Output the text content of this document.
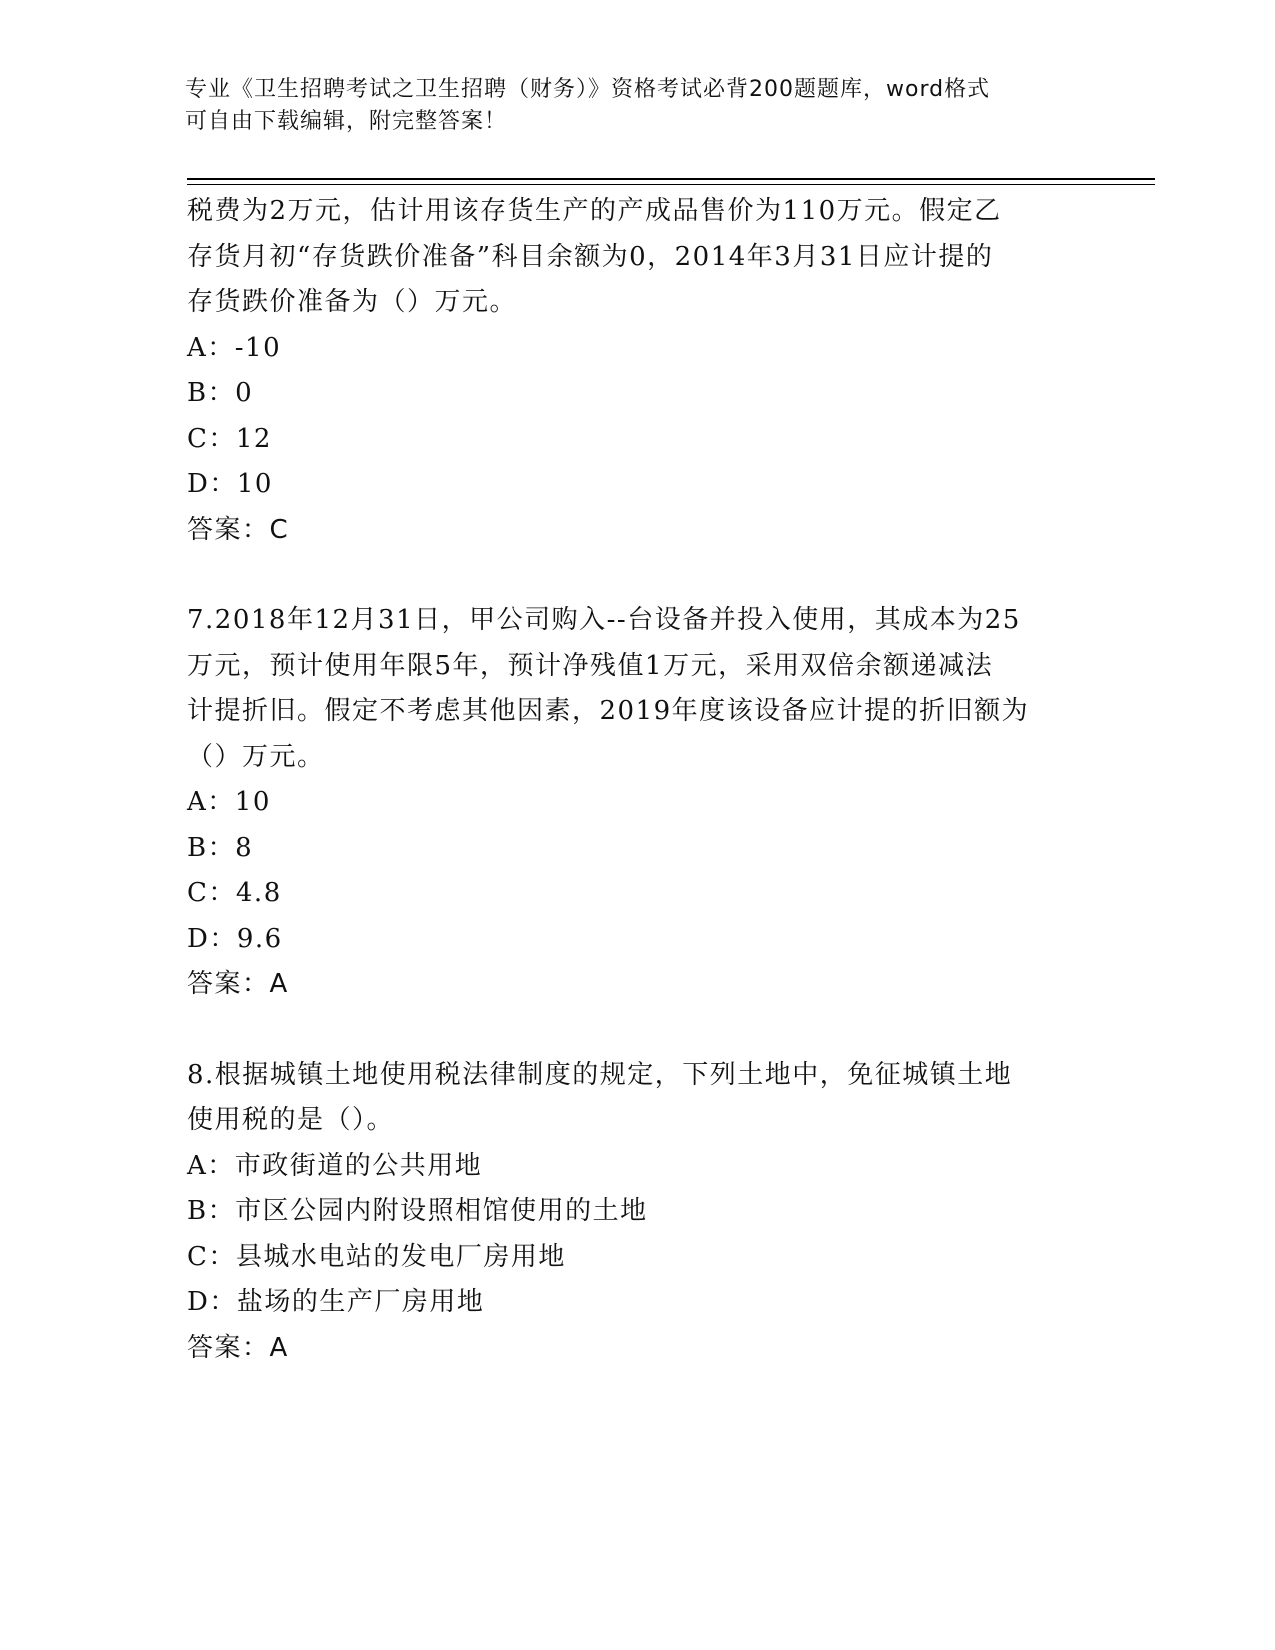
专业《卫生招聘考试之卫生招聘（财务）》资格考试必背200题题库，word格式
可自由下载编辑，附完整答案！
税费为2万元，估计用该存货生产的产成品售价为110万元。假定乙
存货月初“存货跌价准备”科目余额为0，2014年3月31日应计提的
存货跌价准备为（）万元。
A：-10
B：0
C：12
D：10
答案：C
7.2018年12月31日，甲公司购入--台设备并投入使用，其成本为25
万元，预计使用年限5年，预计净残值1万元，采用双倍余额递减法
计提折旧。假定不考虑其他因素，2019年度该设备应计提的折旧额为
（）万元。
A：10
B：8
C：4.8
D：9.6
答案：A
8.根据城镇土地使用税法律制度的规定，下列土地中，免征城镇土地
使用税的是（）。
A：市政街道的公共用地
B：市区公园内附设照相馆使用的土地
C：县城水电站的发电厂房用地
D：盐场的生产厂房用地
答案：A
